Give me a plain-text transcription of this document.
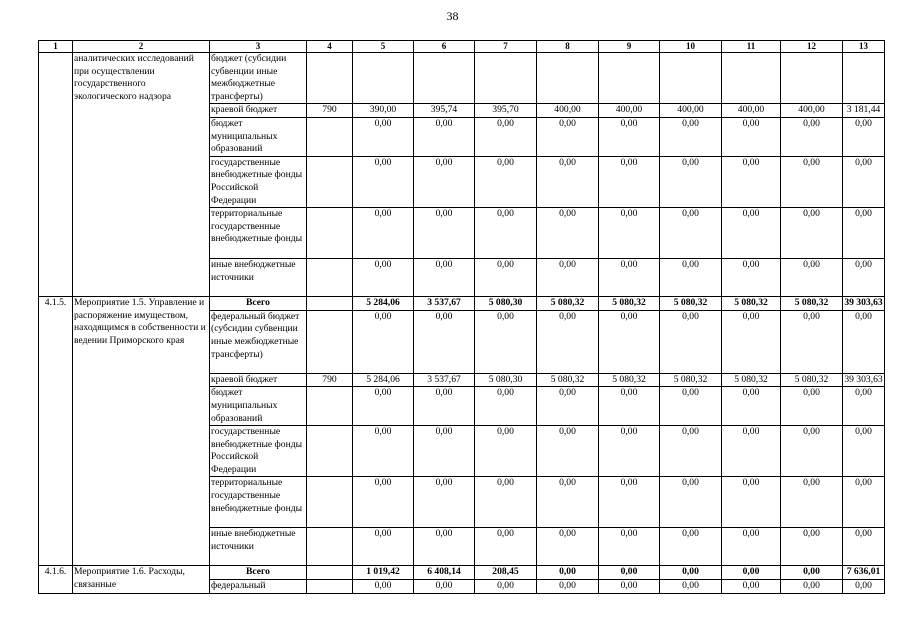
38
1	2	3	4	5	6	7	8	9	10	11	12	13
	аналитических исследований при осуществлении государственного экологического надзора	бюджет (субсидии субвенции иные межбюджетные трансферты)										
		краевой бюджет	790	390,00	395,74	395,70	400,00	400,00	400,00	400,00	400,00	3 181,44
		бюджет муниципальных образований		0,00	0,00	0,00	0,00	0,00	0,00	0,00	0,00	0,00
		государственные внебюджетные фонды Российской Федерации		0,00	0,00	0,00	0,00	0,00	0,00	0,00	0,00	0,00
		территориальные государственные внебюджетные фонды		0,00	0,00	0,00	0,00	0,00	0,00	0,00	0,00	0,00
		иные внебюджетные источники		0,00	0,00	0,00	0,00	0,00	0,00	0,00	0,00	0,00
4.1.5.	Мероприятие 1.5. Управление и распоряжение имуществом, находящимся в собственности и ведении Приморского края	Всего		5 284,06	3 537,67	5 080,30	5 080,32	5 080,32	5 080,32	5 080,32	5 080,32	39 303,63
		федеральный бюджет (субсидии субвенции иные межбюджетные трансферты)		0,00	0,00	0,00	0,00	0,00	0,00	0,00	0,00	0,00
		краевой бюджет	790	5 284,06	3 537,67	5 080,30	5 080,32	5 080,32	5 080,32	5 080,32	5 080,32	39 303,63
		бюджет муниципальных образований		0,00	0,00	0,00	0,00	0,00	0,00	0,00	0,00	0,00
		государственные внебюджетные фонды Российской Федерации		0,00	0,00	0,00	0,00	0,00	0,00	0,00	0,00	0,00
		территориальные государственные внебюджетные фонды		0,00	0,00	0,00	0,00	0,00	0,00	0,00	0,00	0,00
		иные внебюджетные источники		0,00	0,00	0,00	0,00	0,00	0,00	0,00	0,00	0,00
4.1.6.	Мероприятие 1.6. Расходы, связанные	Всего		1 019,42	6 408,14	208,45	0,00	0,00	0,00	0,00	0,00	7 636,01
		федеральный		0,00	0,00	0,00	0,00	0,00	0,00	0,00	0,00	0,00
